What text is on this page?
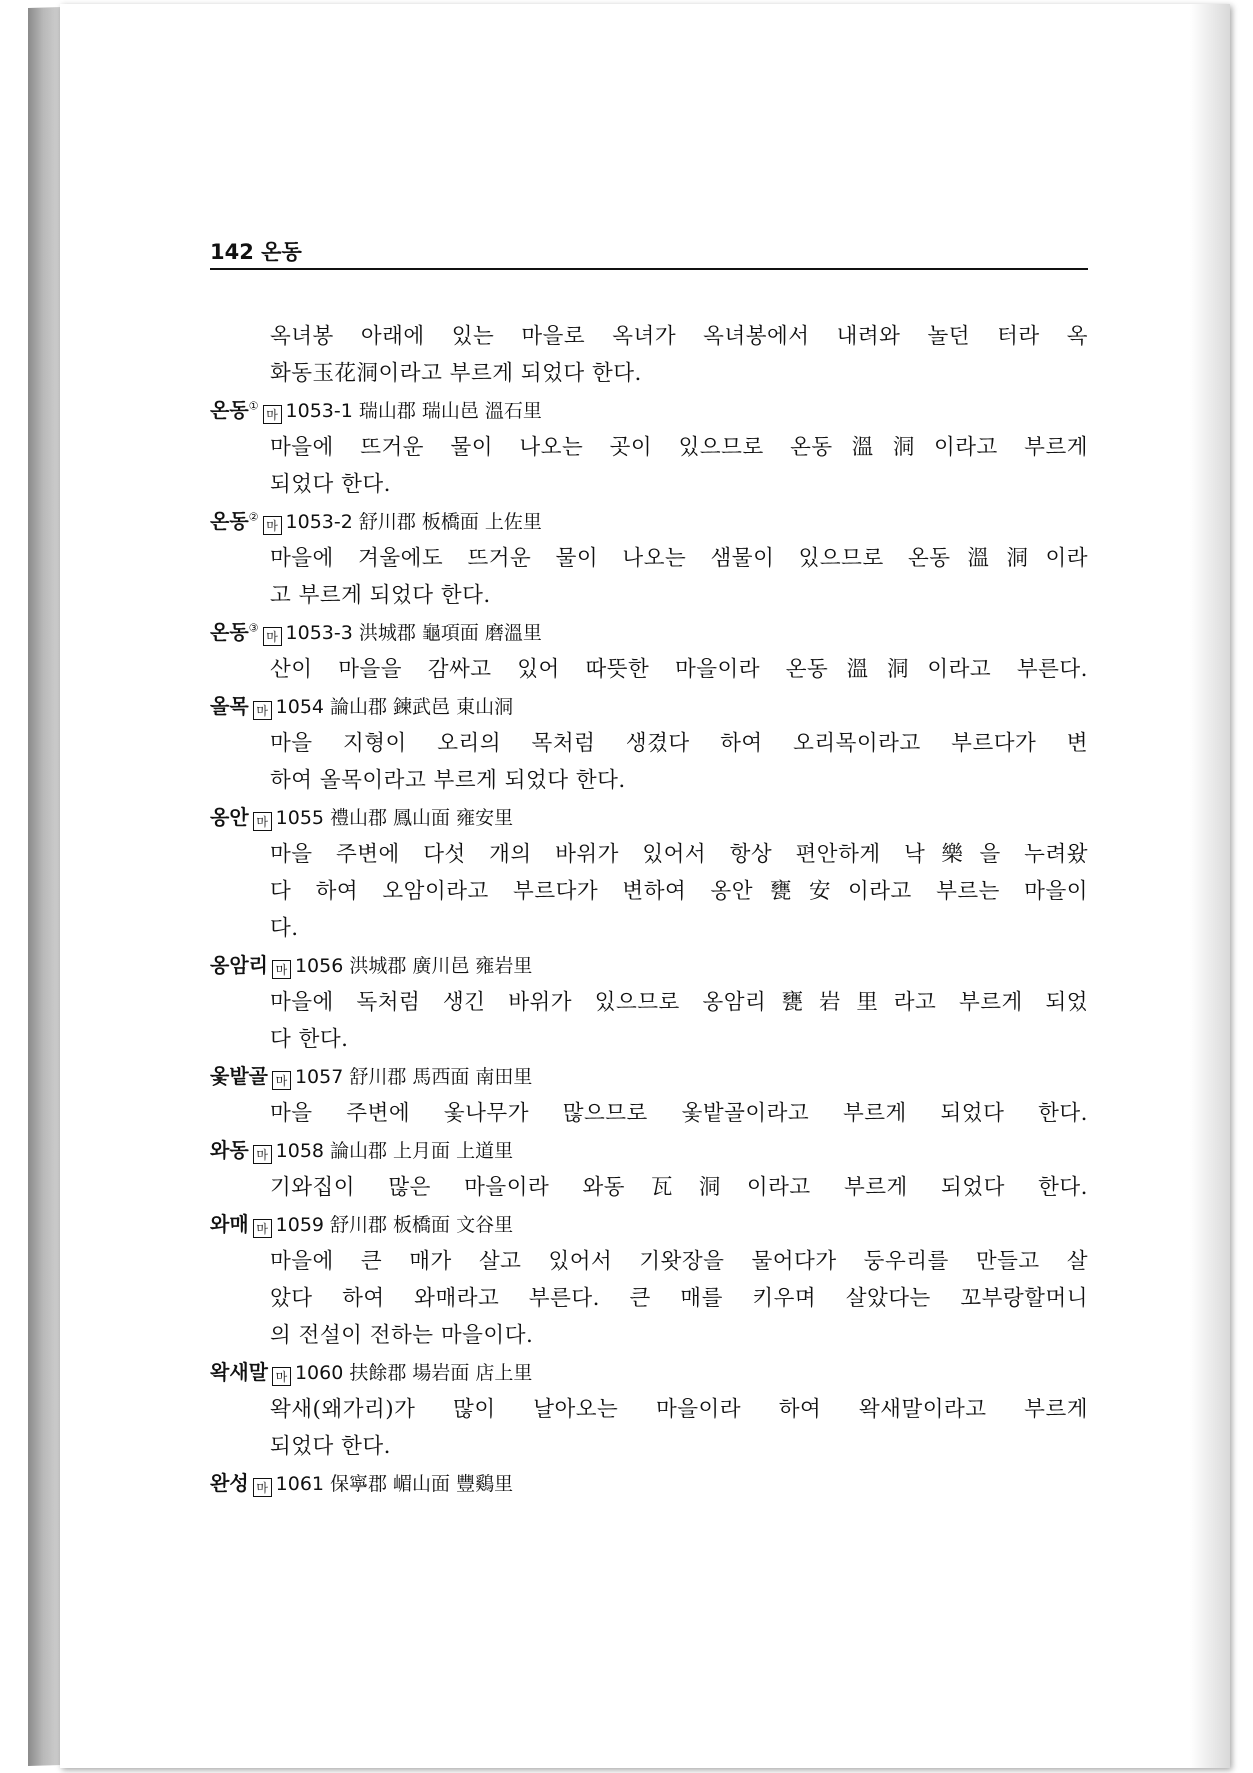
142 온동
옥녀봉 아래에 있는 마을로 옥녀가 옥녀봉에서 내려와 놀던 터라 옥
화동玉花洞이라고 부르게 되었다 한다.
온동①마 1053-1 瑞山郡 瑞山邑 溫石里
마을에 뜨거운 물이 나오는 곳이 있으므로 온동溫洞이라고 부르게
되었다 한다.
온동②마 1053-2 舒川郡 板橋面 上佐里
마을에 겨울에도 뜨거운 물이 나오는 샘물이 있으므로 온동溫洞이라
고 부르게 되었다 한다.
온동③마 1053-3 洪城郡 龜項面 磨溫里
산이 마을을 감싸고 있어 따뜻한 마을이라 온동溫洞이라고 부른다.
올목 마 1054 論山郡 鍊武邑 東山洞
마을 지형이 오리의 목처럼 생겼다 하여 오리목이라고 부르다가 변
하여 올목이라고 부르게 되었다 한다.
옹안 마 1055 禮山郡 鳳山面 雍安里
마을 주변에 다섯 개의 바위가 있어서 항상 편안하게 낙樂을 누려왔
다 하여 오암이라고 부르다가 변하여 옹안甕安이라고 부르는 마을이
다.
옹암리 마 1056 洪城郡 廣川邑 雍岩里
마을에 독처럼 생긴 바위가 있으므로 옹암리甕岩里라고 부르게 되었
다 한다.
옻밭골 마 1057 舒川郡 馬西面 南田里
마을 주변에 옻나무가 많으므로 옻밭골이라고 부르게 되었다 한다.
와동 마 1058 論山郡 上月面 上道里
기와집이 많은 마을이라 와동瓦洞이라고 부르게 되었다 한다.
와매 마 1059 舒川郡 板橋面 文谷里
마을에 큰 매가 살고 있어서 기왓장을 물어다가 둥우리를 만들고 살
았다 하여 와매라고 부른다. 큰 매를 키우며 살았다는 꼬부랑할머니
의 전설이 전하는 마을이다.
왁새말 마 1060 扶餘郡 場岩面 店上里
왁새(왜가리)가 많이 날아오는 마을이라 하여 왁새말이라고 부르게
되었다 한다.
완성 마 1061 保寧郡 嵋山面 豐鷄里
